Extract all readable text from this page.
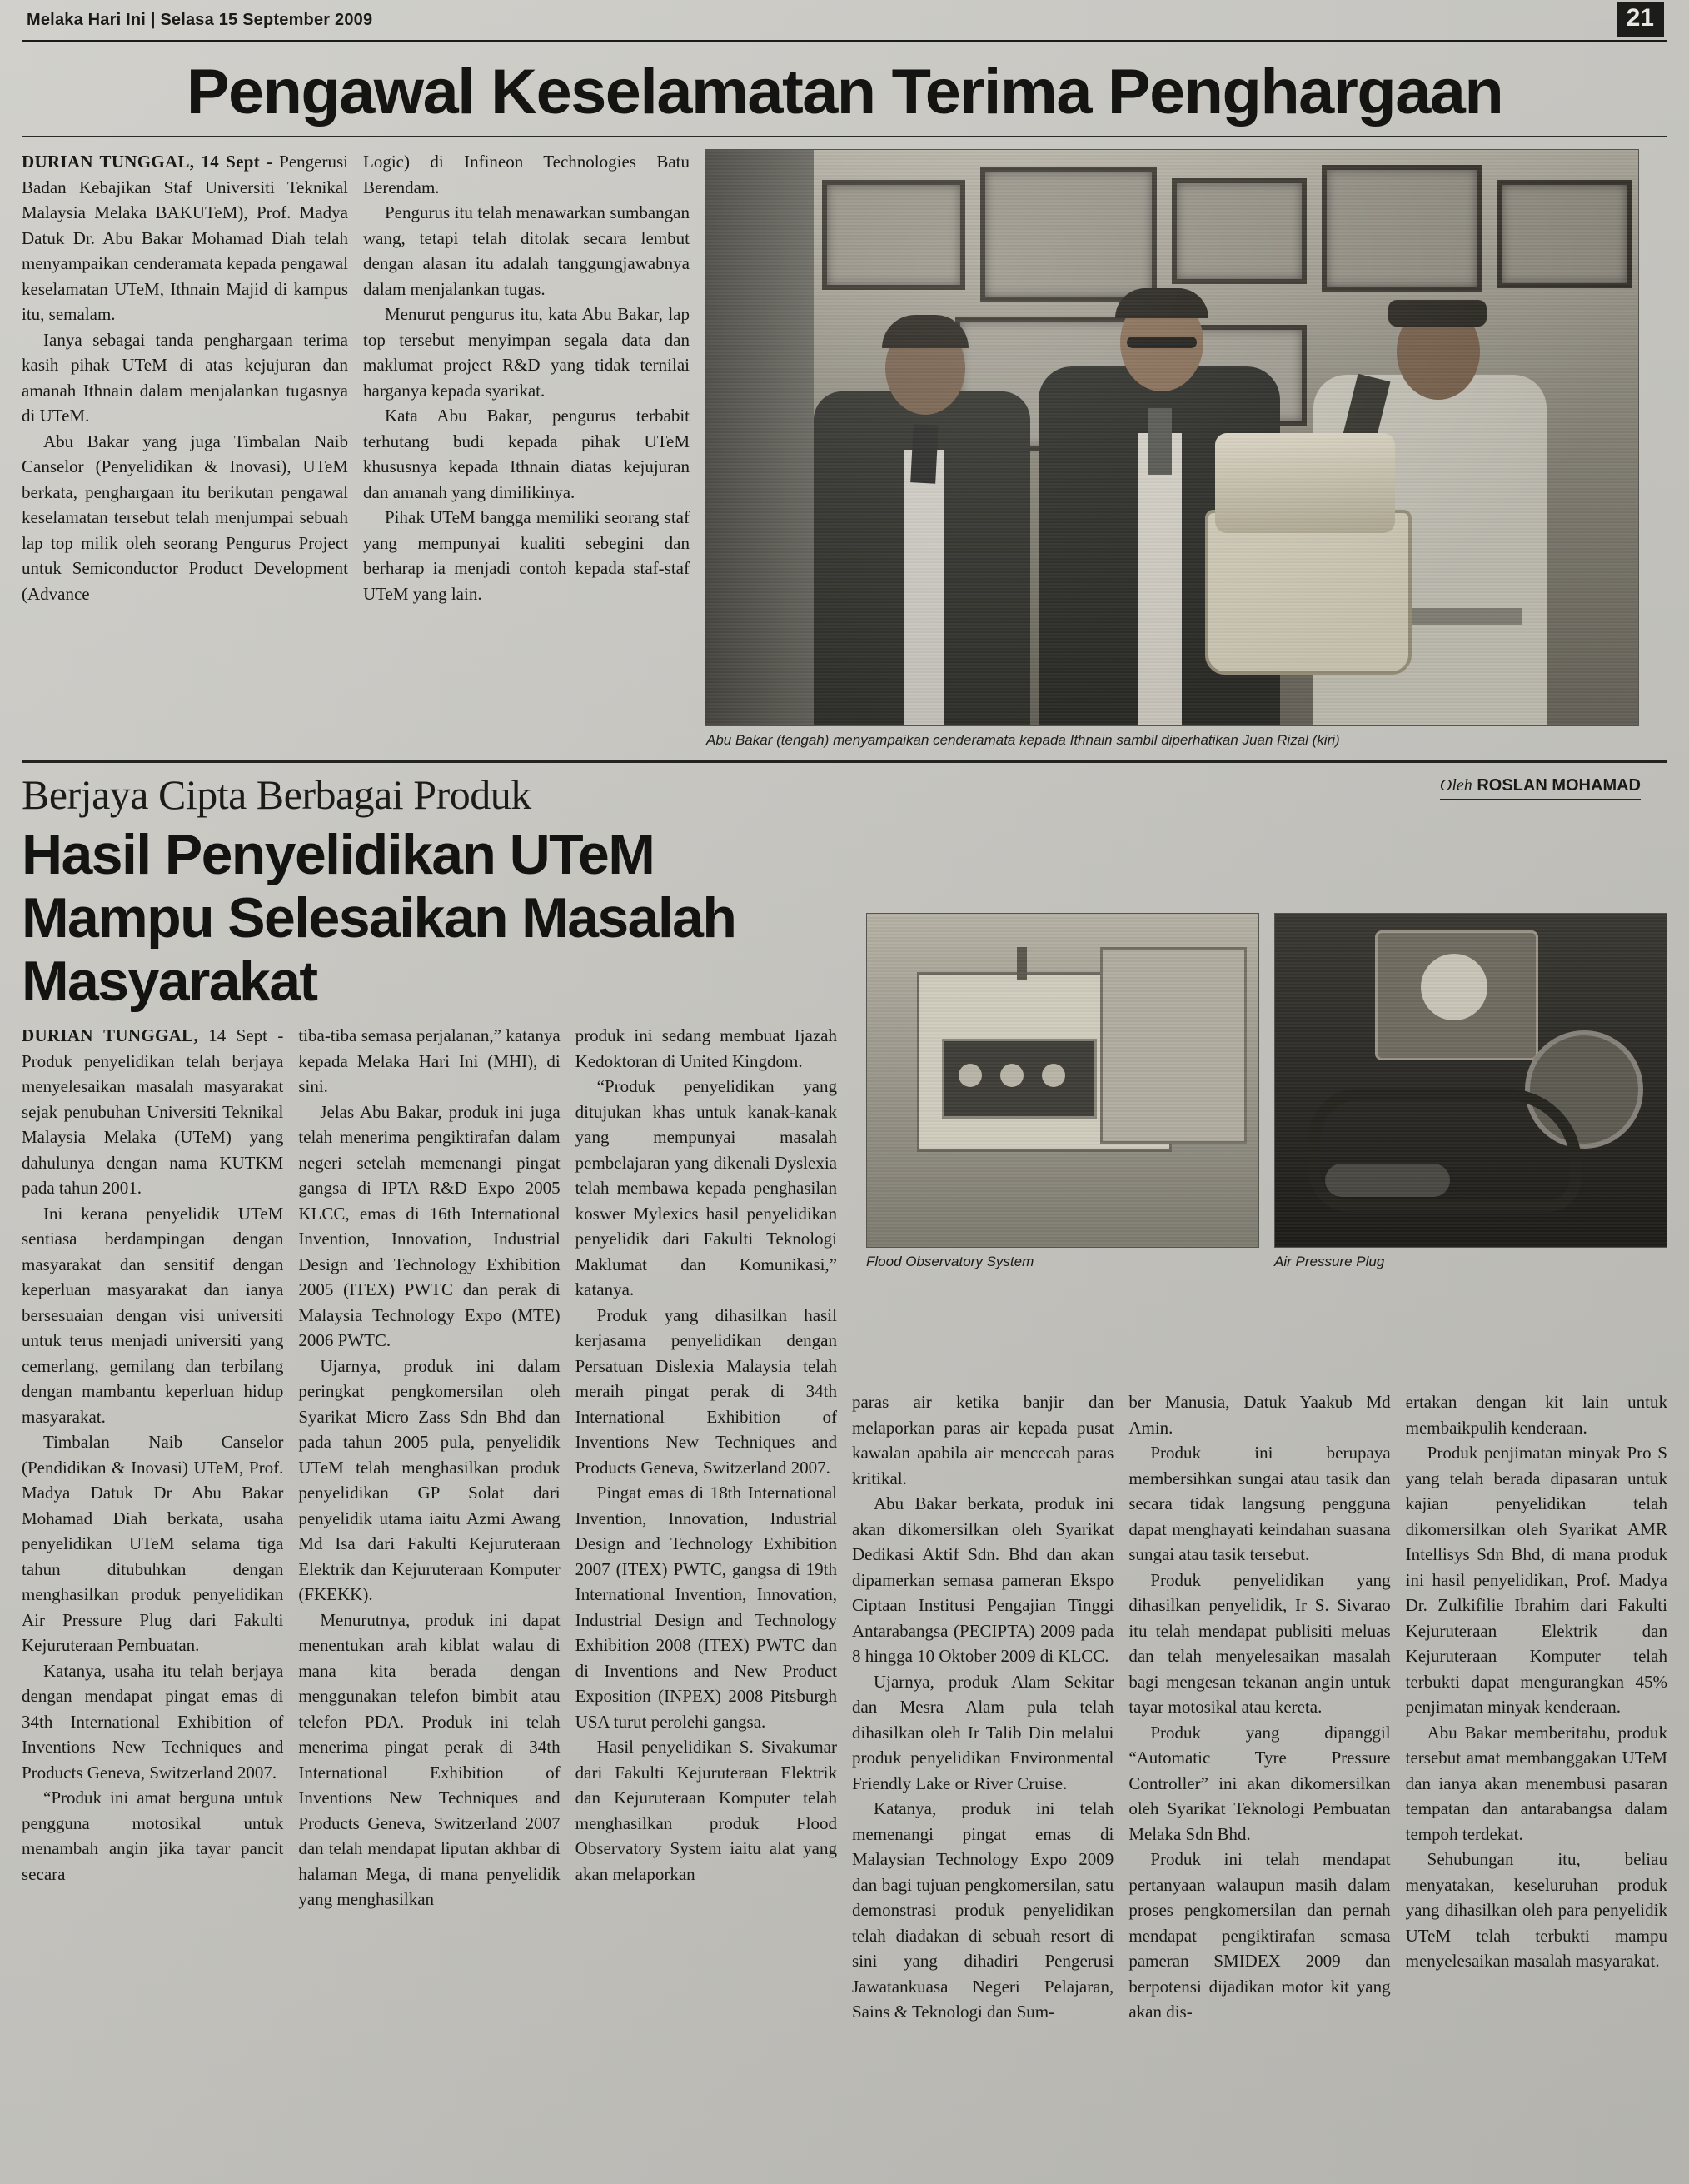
Melaka Hari Ini | Selasa 15 September 2009	21
Pengawal Keselamatan Terima Penghargaan

DURIAN TUNGGAL, 14 Sept - Pengerusi Badan Kebajikan Staf Universiti Teknikal Malaysia Melaka BAKUTeM), Prof. Madya Datuk Dr. Abu Bakar Mohamad Diah telah menyampaikan cenderamata kepada pengawal keselamatan UTeM, Ithnain Majid di kampus itu, semalam.

Ianya sebagai tanda penghargaan terima kasih pihak UTeM di atas kejujuran dan amanah Ithnain dalam menjalankan tugasnya di UTeM.

Abu Bakar yang juga Timbalan Naib Canselor (Penyelidikan & Inovasi), UTeM berkata, penghargaan itu berikutan pengawal keselamatan tersebut telah menjumpai sebuah lap top milik oleh seorang Pengurus Project untuk Semiconductor Product Development (Advance

Logic) di Infineon Technologies Batu Berendam.

Pengurus itu telah menawarkan sumbangan wang, tetapi telah ditolak secara lembut dengan alasan itu adalah tanggungjawabnya dalam menjalankan tugas.

Menurut pengurus itu, kata Abu Bakar, lap top tersebut menyimpan segala data dan maklumat project R&D yang tidak ternilai harganya kepada syarikat.

Kata Abu Bakar, pengurus terbabit terhutang budi kepada pihak UTeM khususnya kepada Ithnain diatas kejujuran dan amanah yang dimilikinya.

Pihak UTeM bangga memiliki seorang staf yang mempunyai kualiti sebegini dan berharap ia menjadi contoh kepada staf-staf UTeM yang lain.

Abu Bakar (tengah) menyampaikan cenderamata kepada Ithnain sambil diperhatikan Juan Rizal (kiri)
Berjaya Cipta Berbagai Produk
Hasil Penyelidikan UTeM Mampu Selesaikan Masalah Masyarakat
Oleh ROSLAN MOHAMAD
Flood Observatory System	Air Pressure Plug

DURIAN TUNGGAL, 14 Sept - Produk penyelidikan telah berjaya menyelesaikan masalah masyarakat sejak penubuhan Universiti Teknikal Malaysia Melaka (UTeM) yang dahulunya dengan nama KUTKM pada tahun 2001.

Ini kerana penyelidik UTeM sentiasa berdampingan dengan masyarakat dan sensitif dengan keperluan masyarakat dan ianya bersesuaian dengan visi universiti untuk terus menjadi universiti yang cemerlang, gemilang dan terbilang dengan mambantu keperluan hidup masyarakat.

Timbalan Naib Canselor (Pendidikan & Inovasi) UTeM, Prof. Madya Datuk Dr Abu Bakar Mohamad Diah berkata, usaha penyelidikan UTeM selama tiga tahun ditubuhkan dengan menghasilkan produk penyelidikan Air Pressure Plug dari Fakulti Kejuruteraan Pembuatan.

Katanya, usaha itu telah berjaya dengan mendapat pingat emas di 34th International Exhibition of Inventions New Techniques and Products Geneva, Switzerland 2007.

“Produk ini amat berguna untuk pengguna motosikal untuk menambah angin jika tayar pancit secara

tiba-tiba semasa perjalanan,” katanya kepada Melaka Hari Ini (MHI), di sini.

Jelas Abu Bakar, produk ini juga telah menerima pengiktirafan dalam negeri setelah memenangi pingat gangsa di IPTA R&D Expo 2005 KLCC, emas di 16th International Invention, Innovation, Industrial Design and Technology Exhibition 2005 (ITEX) PWTC dan perak di Malaysia Technology Expo (MTE) 2006 PWTC.

Ujarnya, produk ini dalam peringkat pengkomersilan oleh Syarikat Micro Zass Sdn Bhd dan pada tahun 2005 pula, penyelidik UTeM telah menghasilkan produk penyelidikan GP Solat dari penyelidik utama iaitu Azmi Awang Md Isa dari Fakulti Kejuruteraan Elektrik dan Kejuruteraan Komputer (FKEKK).

Menurutnya, produk ini dapat menentukan arah kiblat walau di mana kita berada dengan menggunakan telefon bimbit atau telefon PDA. Produk ini telah menerima pingat perak di 34th International Exhibition of Inventions New Techniques and Products Geneva, Switzerland 2007 dan telah mendapat liputan akhbar di halaman Mega, di mana penyelidik yang menghasilkan

produk ini sedang membuat Ijazah Kedoktoran di United Kingdom.

“Produk penyelidikan yang ditujukan khas untuk kanak-kanak yang mempunyai masalah pembelajaran yang dikenali Dyslexia telah membawa kepada penghasilan koswer Mylexics hasil penyelidikan penyelidik dari Fakulti Teknologi Maklumat dan Komunikasi,” katanya.

Produk yang dihasilkan hasil kerjasama penyelidikan dengan Persatuan Dislexia Malaysia telah meraih pingat perak di 34th International Exhibition of Inventions New Techniques and Products Geneva, Switzerland 2007.

Pingat emas di 18th International Invention, Innovation, Industrial Design and Technology Exhibition 2007 (ITEX) PWTC, gangsa di 19th International Invention, Innovation, Industrial Design and Technology Exhibition 2008 (ITEX) PWTC dan di Inventions and New Product Exposition (INPEX) 2008 Pitsburgh USA turut perolehi gangsa.

Hasil penyelidikan S. Sivakumar dari Fakulti Kejuruteraan Elektrik dan Kejuruteraan Komputer telah menghasilkan produk Flood Observatory System iaitu alat yang akan melaporkan

paras air ketika banjir dan melaporkan paras air kepada pusat kawalan apabila air mencecah paras kritikal.

Abu Bakar berkata, produk ini akan dikomersilkan oleh Syarikat Dedikasi Aktif Sdn. Bhd dan akan dipamerkan semasa pameran Ekspo Ciptaan Institusi Pengajian Tinggi Antarabangsa (PECIPTA) 2009 pada 8 hingga 10 Oktober 2009 di KLCC.

Ujarnya, produk Alam Sekitar dan Mesra Alam pula telah dihasilkan oleh Ir Talib Din melalui produk penyelidikan Environmental Friendly Lake or River Cruise.

Katanya, produk ini telah memenangi pingat emas di Malaysian Technology Expo 2009 dan bagi tujuan pengkomersilan, satu demonstrasi produk penyelidikan telah diadakan di sebuah resort di sini yang dihadiri Pengerusi Jawatankuasa Negeri Pelajaran, Sains & Teknologi dan Sum-

ber Manusia, Datuk Yaakub Md Amin.

Produk ini berupaya membersihkan sungai atau tasik dan secara tidak langsung pengguna dapat menghayati keindahan suasana sungai atau tasik tersebut.

Produk penyelidikan yang dihasilkan penyelidik, Ir S. Sivarao itu telah mendapat publisiti meluas dan telah menyelesaikan masalah bagi mengesan tekanan angin untuk tayar motosikal atau kereta.

Produk yang dipanggil “Automatic Tyre Pressure Controller” ini akan dikomersilkan oleh Syarikat Teknologi Pembuatan Melaka Sdn Bhd.

Produk ini telah mendapat pertanyaan walaupun masih dalam proses pengkomersilan dan pernah mendapat pengiktirafan semasa pameran SMIDEX 2009 dan berpotensi dijadikan motor kit yang akan dis-

ertakan dengan kit lain untuk membaikpulih kenderaan.

Produk penjimatan minyak Pro S yang telah berada dipasaran untuk kajian penyelidikan telah dikomersilkan oleh Syarikat AMR Intellisys Sdn Bhd, di mana produk ini hasil penyelidikan, Prof. Madya Dr. Zulkifilie Ibrahim dari Fakulti Kejuruteraan Elektrik dan Kejuruteraan Komputer telah terbukti dapat mengurangkan 45% penjimatan minyak kenderaan.

Abu Bakar memberitahu, produk tersebut amat membanggakan UTeM dan ianya akan menembusi pasaran tempatan dan antarabangsa dalam tempoh terdekat.

Sehubungan itu, beliau menyatakan, keseluruhan produk yang dihasilkan oleh para penyelidik UTeM telah terbukti mampu menyelesaikan masalah masyarakat.
